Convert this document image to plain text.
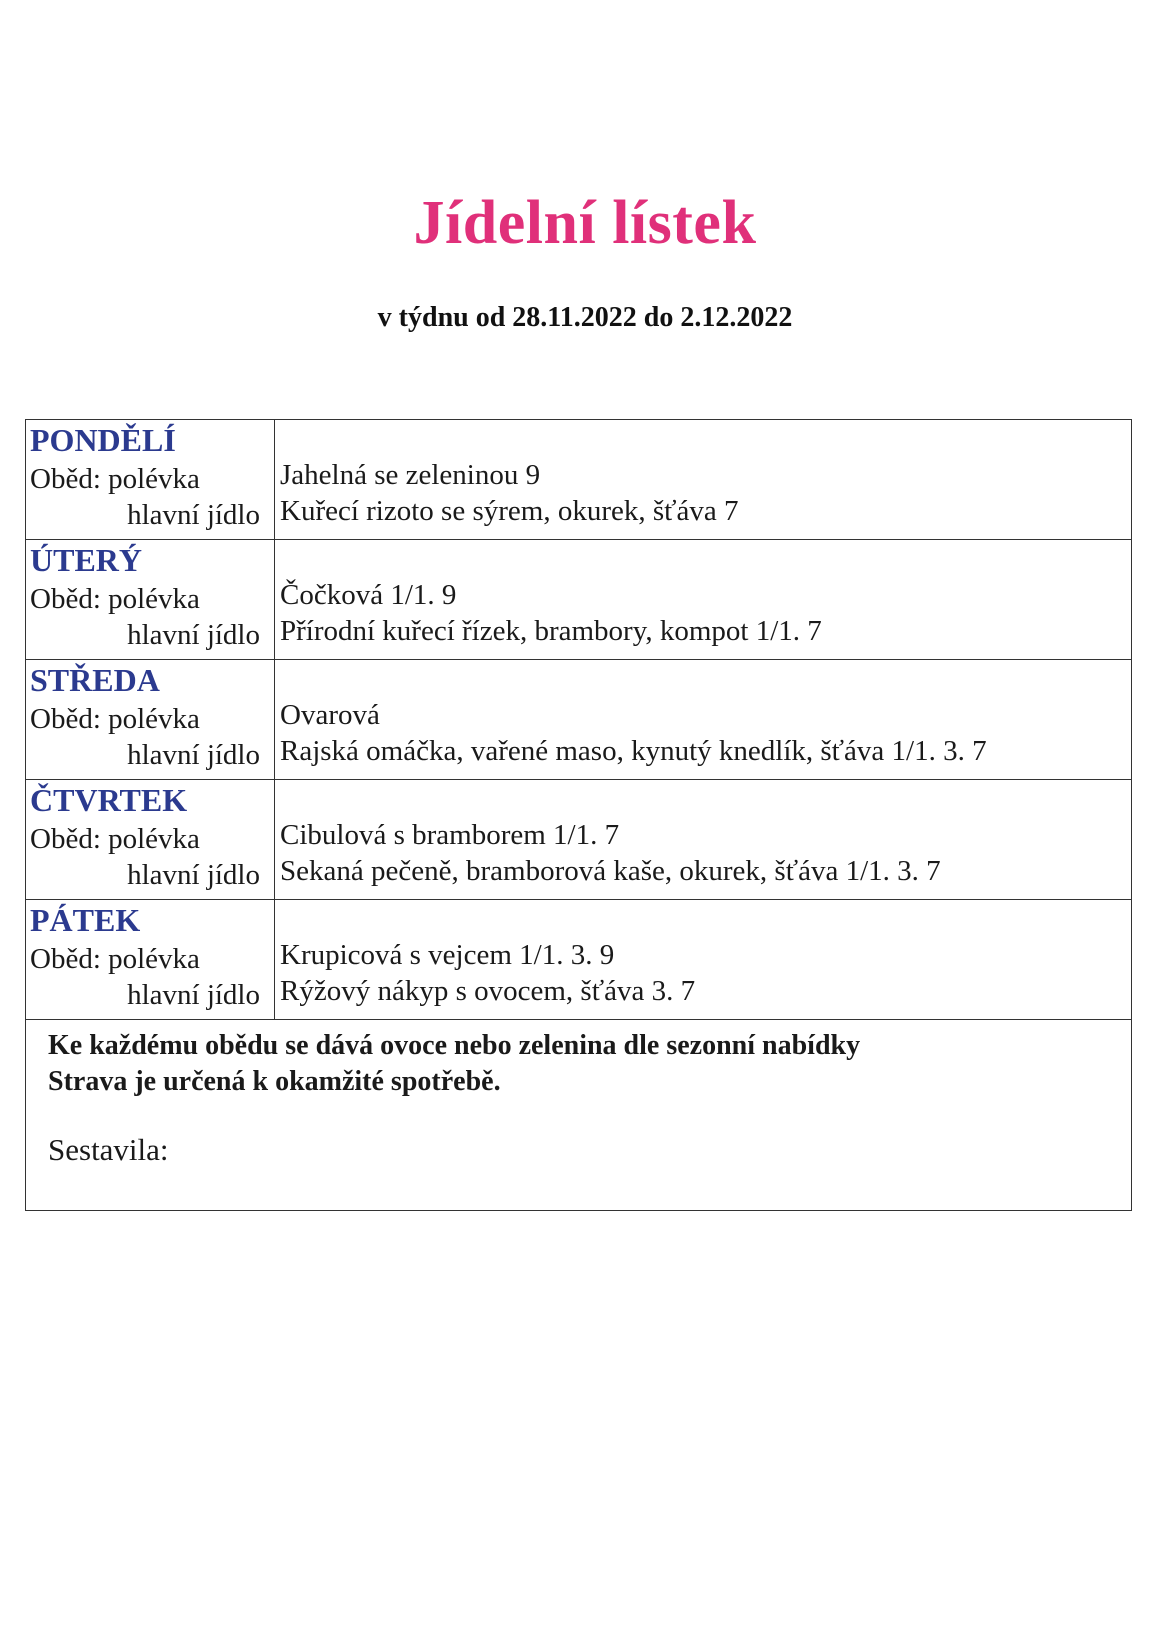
Jídelní lístek
v týdnu od 28.11.2022 do 2.12.2022
PONDĚLÍ
Oběd: polévka
hlavní jídlo
Jahelná se zeleninou 9
Kuřecí rizoto se sýrem, okurek, šťáva 7
ÚTERÝ
Oběd: polévka
hlavní jídlo
Čočková 1/1. 9
Přírodní kuřecí řízek, brambory, kompot 1/1. 7
STŘEDA
Oběd: polévka
hlavní jídlo
Ovarová
Rajská omáčka, vařené maso, kynutý knedlík, šťáva 1/1. 3. 7
ČTVRTEK
Oběd: polévka
hlavní jídlo
Cibulová s bramborem 1/1. 7
Sekaná pečeně, bramborová kaše, okurek, šťáva 1/1. 3. 7
PÁTEK
Oběd: polévka
hlavní jídlo
Krupicová s vejcem 1/1. 3. 9
Rýžový nákyp s ovocem, šťáva 3. 7
Ke každému obědu se dává ovoce nebo zelenina dle sezonní nabídky
Strava je určená k okamžité spotřebě.
Sestavila:
